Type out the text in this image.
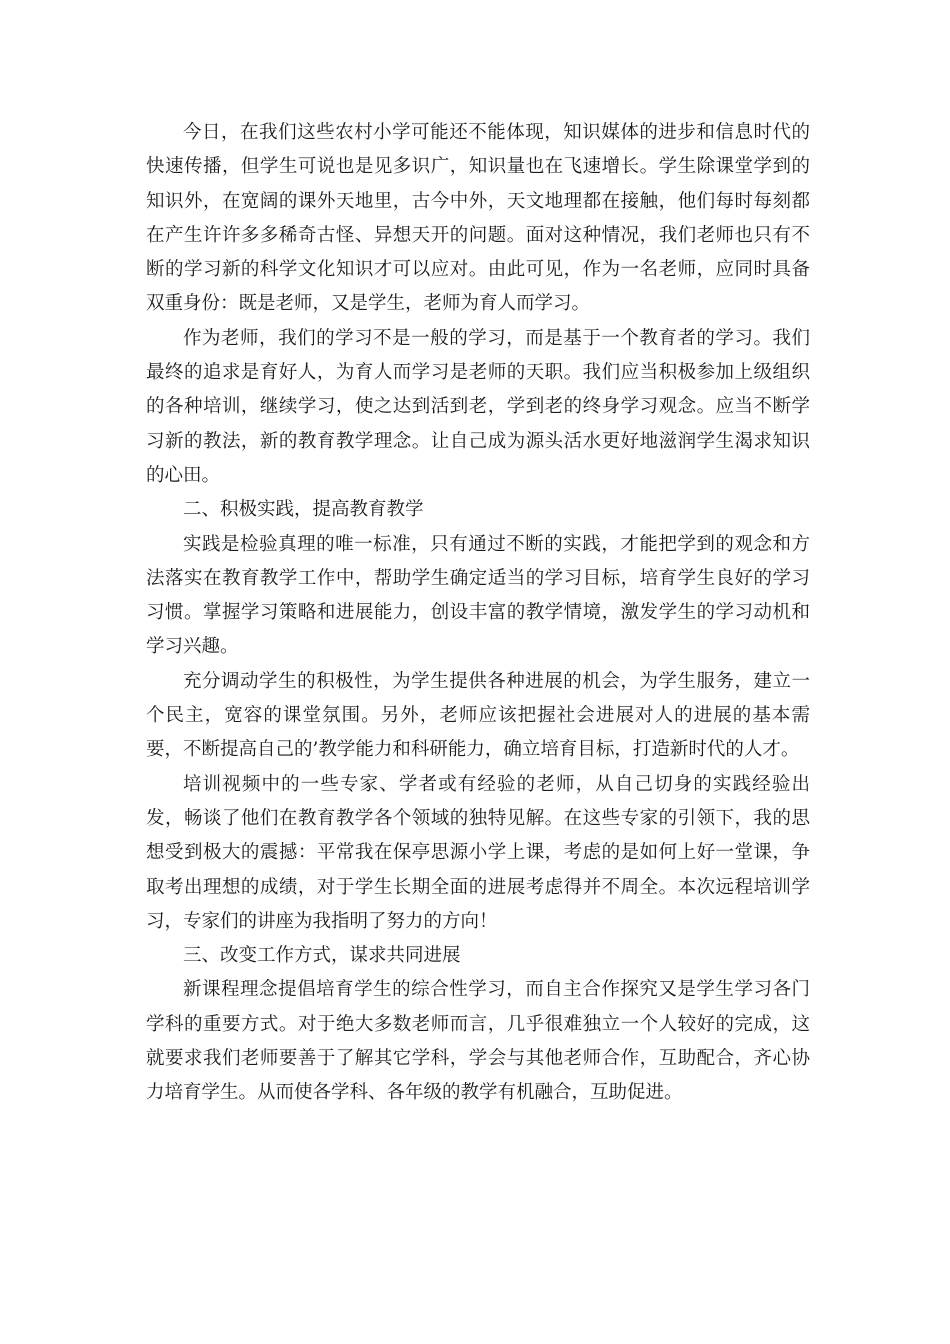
今日，在我们这些农村小学可能还不能体现，知识媒体的进步和信息时代的快速传播，但学生可说也是见多识广，知识量也在飞速增长。学生除课堂学到的知识外，在宽阔的课外天地里，古今中外，天文地理都在接触，他们每时每刻都在产生许许多多稀奇古怪、异想天开的问题。面对这种情况，我们老师也只有不断的学习新的科学文化知识才可以应对。由此可见，作为一名老师，应同时具备双重身份：既是老师，又是学生，老师为育人而学习。

作为老师，我们的学习不是一般的学习，而是基于一个教育者的学习。我们最终的追求是育好人，为育人而学习是老师的天职。我们应当积极参加上级组织的各种培训，继续学习，使之达到活到老，学到老的终身学习观念。应当不断学习新的教法，新的教育教学理念。让自己成为源头活水更好地滋润学生渴求知识的心田。

二、积极实践，提高教育教学

实践是检验真理的唯一标准，只有通过不断的实践，才能把学到的观念和方法落实在教育教学工作中，帮助学生确定适当的学习目标，培育学生良好的学习习惯。掌握学习策略和进展能力，创设丰富的教学情境，激发学生的学习动机和学习兴趣。

充分调动学生的积极性，为学生提供各种进展的机会，为学生服务，建立一个民主，宽容的课堂氛围。另外，老师应该把握社会进展对人的进展的基本需要，不断提高自己的’教学能力和科研能力，确立培育目标，打造新时代的人才。

培训视频中的一些专家、学者或有经验的老师，从自己切身的实践经验出发，畅谈了他们在教育教学各个领域的独特见解。在这些专家的引领下，我的思想受到极大的震撼：平常我在保亭思源小学上课，考虑的是如何上好一堂课，争取考出理想的成绩，对于学生长期全面的进展考虑得并不周全。本次远程培训学习，专家们的讲座为我指明了努力的方向！

三、改变工作方式，谋求共同进展

新课程理念提倡培育学生的综合性学习，而自主合作探究又是学生学习各门学科的重要方式。对于绝大多数老师而言，几乎很难独立一个人较好的完成，这就要求我们老师要善于了解其它学科，学会与其他老师合作，互助配合，齐心协力培育学生。从而使各学科、各年级的教学有机融合，互助促进。
